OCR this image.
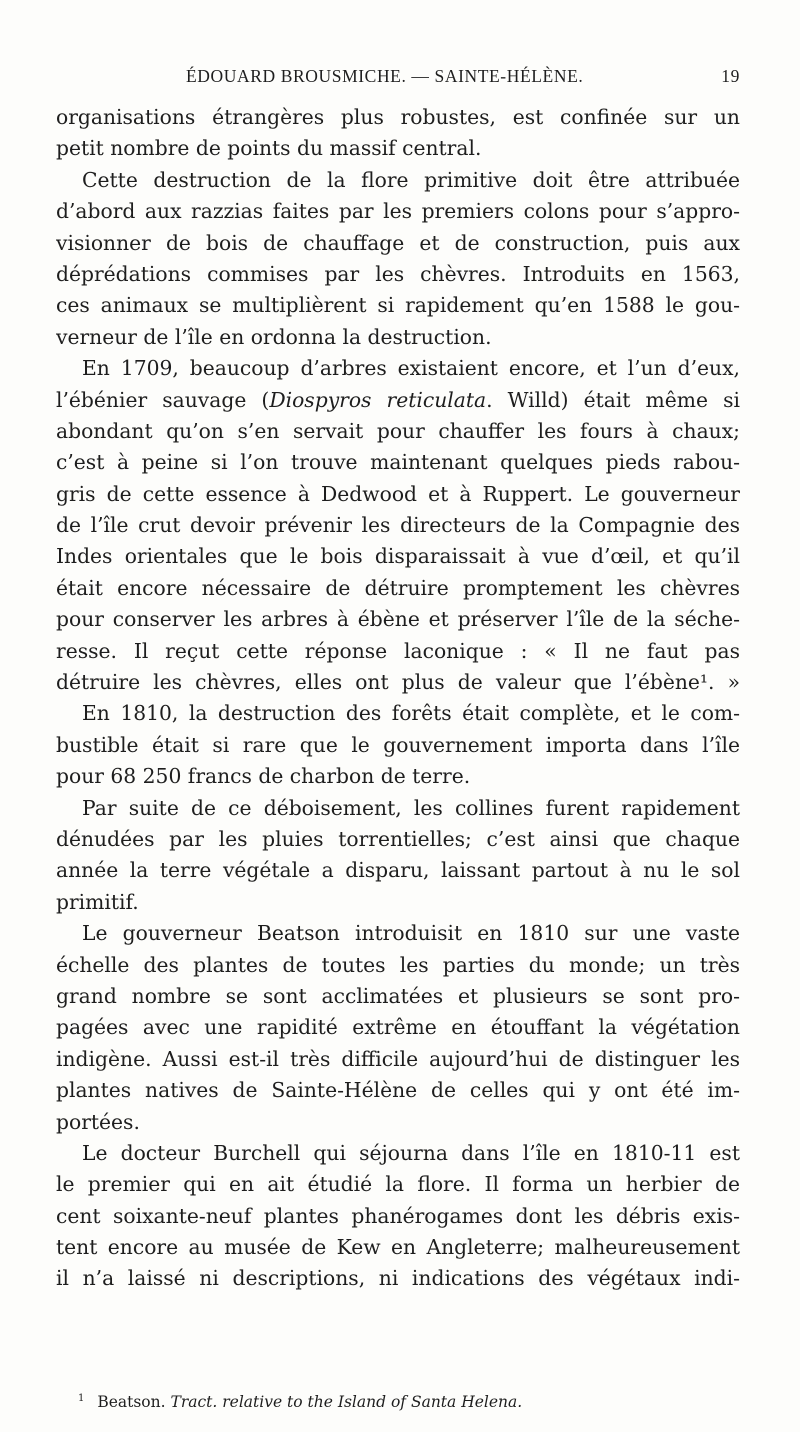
ÉDOUARD BROUSMICHE. — SAINTE-HÉLÈNE.	19
organisations étrangères plus robustes, est confinée sur un
petit nombre de points du massif central.
Cette destruction de la flore primitive doit être attribuée
d’abord aux razzias faites par les premiers colons pour s’appro-
visionner de bois de chauffage et de construction, puis aux
déprédations commises par les chèvres. Introduits en 1563,
ces animaux se multiplièrent si rapidement qu’en 1588 le gou-
verneur de l’île en ordonna la destruction.
En 1709, beaucoup d’arbres existaient encore, et l’un d’eux,
l’ébénier sauvage (Diospyros reticulata. Willd) était même si
abondant qu’on s’en servait pour chauffer les fours à chaux;
c’est à peine si l’on trouve maintenant quelques pieds rabou-
gris de cette essence à Dedwood et à Ruppert. Le gouverneur
de l’île crut devoir prévenir les directeurs de la Compagnie des
Indes orientales que le bois disparaissait à vue d’œil, et qu’il
était encore nécessaire de détruire promptement les chèvres
pour conserver les arbres à ébène et préserver l’île de la séche-
resse. Il reçut cette réponse laconique : « Il ne faut pas
détruire les chèvres, elles ont plus de valeur que l’ébène¹. »
En 1810, la destruction des forêts était complète, et le com-
bustible était si rare que le gouvernement importa dans l’île
pour 68 250 francs de charbon de terre.
Par suite de ce déboisement, les collines furent rapidement
dénudées par les pluies torrentielles; c’est ainsi que chaque
année la terre végétale a disparu, laissant partout à nu le sol
primitif.
Le gouverneur Beatson introduisit en 1810 sur une vaste
échelle des plantes de toutes les parties du monde; un très
grand nombre se sont acclimatées et plusieurs se sont pro-
pagées avec une rapidité extrême en étouffant la végétation
indigène. Aussi est-il très difficile aujourd’hui de distinguer les
plantes natives de Sainte-Hélène de celles qui y ont été im-
portées.
Le docteur Burchell qui séjourna dans l’île en 1810-11 est
le premier qui en ait étudié la flore. Il forma un herbier de
cent soixante-neuf plantes phanérogames dont les débris exis-
tent encore au musée de Kew en Angleterre; malheureusement
il n’a laissé ni descriptions, ni indications des végétaux indi-
$^1$ Beatson. Tract. relative to the Island of Santa Helena.
